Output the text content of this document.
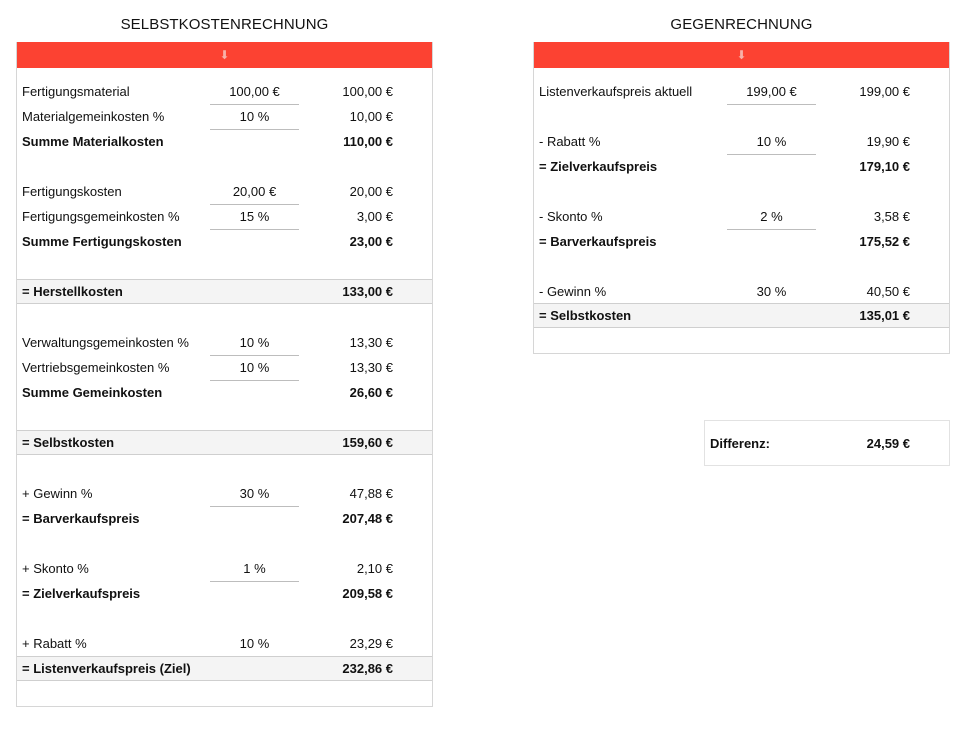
SELBSTKOSTENRECHNUNG
⬇
Fertigungsmaterial	100,00 €	100,00 €
Materialgemeinkosten %	10 %	10,00 €
Summe Materialkosten	110,00 €
Fertigungskosten	20,00 €	20,00 €
Fertigungsgemeinkosten %	15 %	3,00 €
Summe Fertigungskosten	23,00 €
= Herstellkosten	133,00 €
Verwaltungsgemeinkosten %	10 %	13,30 €
Vertriebsgemeinkosten %	10 %	13,30 €
Summe Gemeinkosten	26,60 €
= Selbstkosten	159,60 €
+ Gewinn %	30 %	47,88 €
= Barverkaufspreis	207,48 €
+ Skonto %	1 %	2,10 €
= Zielverkaufspreis	209,58 €
+ Rabatt %	10 %	23,29 €
= Listenverkaufspreis (Ziel)	232,86 €
GEGENRECHNUNG
⬇
Listenverkaufspreis aktuell	199,00 €	199,00 €
- Rabatt %	10 %	19,90 €
= Zielverkaufspreis	179,10 €
- Skonto %	2 %	3,58 €
= Barverkaufspreis	175,52 €
- Gewinn %	30 %	40,50 €
= Selbstkosten	135,01 €
Differenz:	24,59 €
